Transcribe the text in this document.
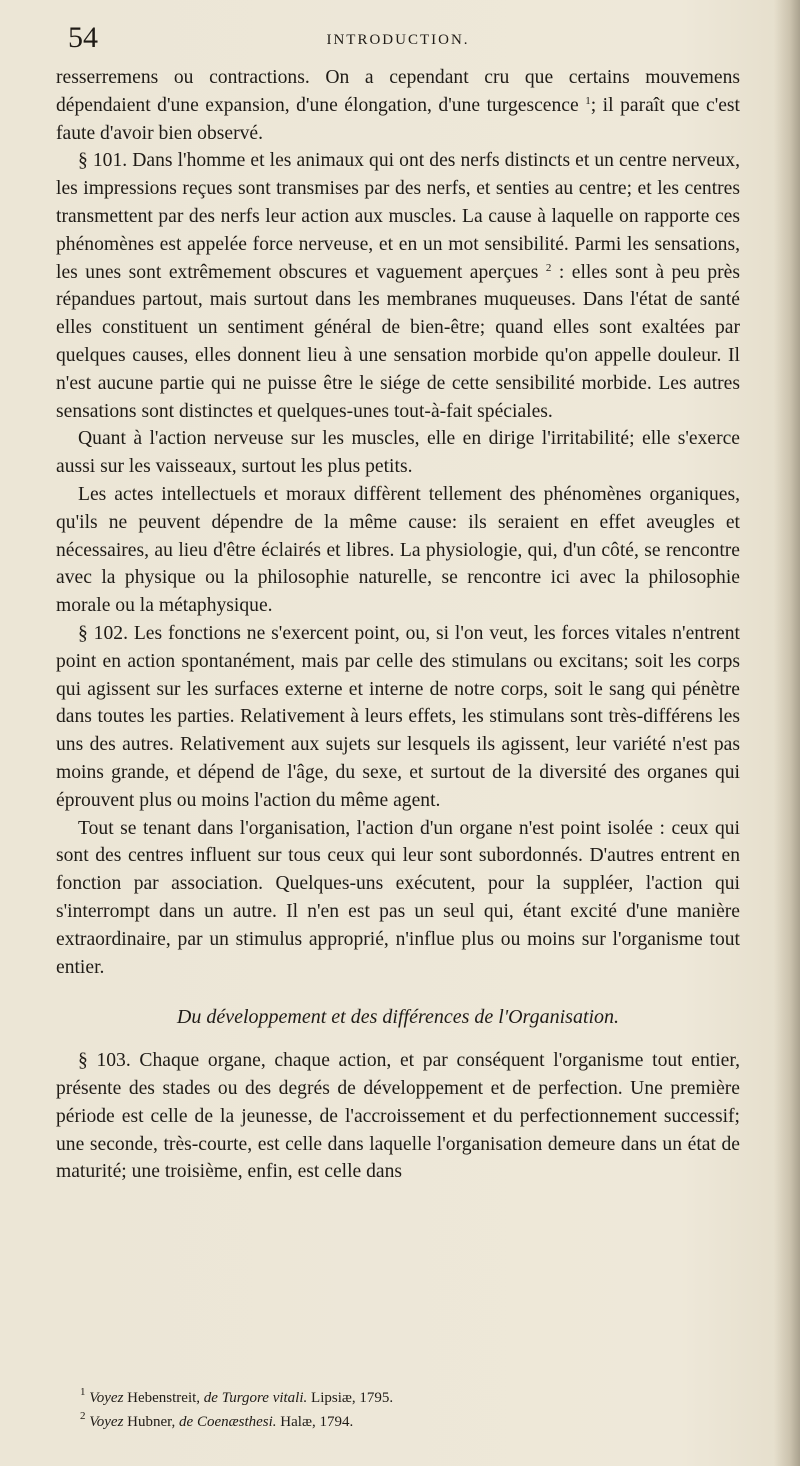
54	INTRODUCTION.

resserremens ou contractions. On a cependant cru que certains mouvemens dépendaient d'une expansion, d'une élongation, d'une turgescence $^1$; il paraît que c'est faute d'avoir bien observé.

§ 101. Dans l'homme et les animaux qui ont des nerfs distincts et un centre nerveux, les impressions reçues sont transmises par des nerfs, et senties au centre; et les centres transmettent par des nerfs leur action aux muscles. La cause à laquelle on rapporte ces phénomènes est appelée force nerveuse, et en un mot sensibilité. Parmi les sensations, les unes sont extrêmement obscures et vaguement aperçues $^2$ : elles sont à peu près répandues partout, mais surtout dans les membranes muqueuses. Dans l'état de santé elles constituent un sentiment général de bien-être; quand elles sont exaltées par quelques causes, elles donnent lieu à une sensation morbide qu'on appelle douleur. Il n'est aucune partie qui ne puisse être le siége de cette sensibilité morbide. Les autres sensations sont distinctes et quelques-unes tout-à-fait spéciales.

Quant à l'action nerveuse sur les muscles, elle en dirige l'irritabilité; elle s'exerce aussi sur les vaisseaux, surtout les plus petits.

Les actes intellectuels et moraux diffèrent tellement des phénomènes organiques, qu'ils ne peuvent dépendre de la même cause: ils seraient en effet aveugles et nécessaires, au lieu d'être éclairés et libres. La physiologie, qui, d'un côté, se rencontre avec la physique ou la philosophie naturelle, se rencontre ici avec la philosophie morale ou la métaphysique.

§ 102. Les fonctions ne s'exercent point, ou, si l'on veut, les forces vitales n'entrent point en action spontanément, mais par celle des stimulans ou excitans; soit les corps qui agissent sur les surfaces externe et interne de notre corps, soit le sang qui pénètre dans toutes les parties. Relativement à leurs effets, les stimulans sont très-différens les uns des autres. Relativement aux sujets sur lesquels ils agissent, leur variété n'est pas moins grande, et dépend de l'âge, du sexe, et surtout de la diversité des organes qui éprouvent plus ou moins l'action du même agent.

Tout se tenant dans l'organisation, l'action d'un organe n'est point isolée : ceux qui sont des centres influent sur tous ceux qui leur sont subordonnés. D'autres entrent en fonction par association. Quelques-uns exécutent, pour la suppléer, l'action qui s'interrompt dans un autre. Il n'en est pas un seul qui, étant excité d'une manière extraordinaire, par un stimulus approprié, n'influe plus ou moins sur l'organisme tout entier.

Du développement et des différences de l'Organisation.

§ 103. Chaque organe, chaque action, et par conséquent l'organisme tout entier, présente des stades ou des degrés de développement et de perfection. Une première période est celle de la jeunesse, de l'accroissement et du perfectionnement successif; une seconde, très-courte, est celle dans laquelle l'organisation demeure dans un état de maturité; une troisième, enfin, est celle dans

$^1$ Voyez Hebenstreit, de Turgore vitali. Lipsiæ, 1795.

$^2$ Voyez Hubner, de Coenæsthesi. Halæ, 1794.
